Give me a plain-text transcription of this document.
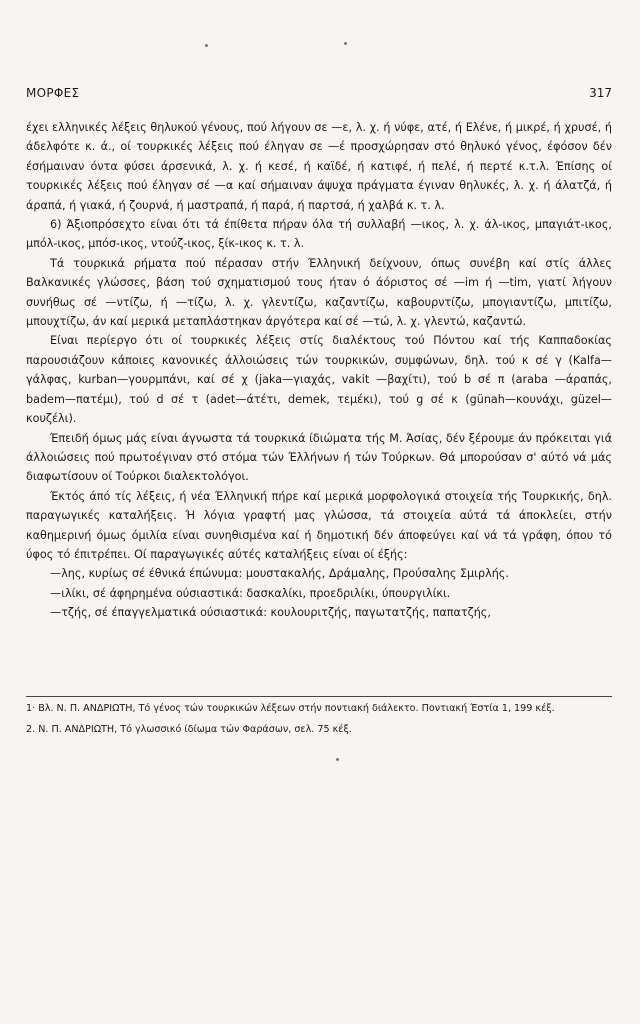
ΜΟΡΦΕΣ	317

έχει ελληνικές λέξεις θηλυκού γένους, πού λήγουν σε —ε, λ. χ. ή νύφε, ατέ, ή Ελένε, ή μικρέ, ή χρυσέ, ή άδελφότε κ. ά., οί τουρκικές λέξεις πού έληγαν σε —έ προσχώρησαν στό θηλυκό γένος, έφόσον δέν έσήμαιναν όντα φύσει άρσενικά, λ. χ. ή κεσέ, ή καϊδέ, ή κατιφέ, ή πελέ, ή περτέ κ.τ.λ. Έπίσης οί τουρκικές λέξεις πού έληγαν σέ —α καί σήμαιναν άψυχα πράγματα έγιναν θηλυκές, λ. χ. ή άλατζά, ή άραπά, ή γιακά, ή ζουρνά, ή μαστραπά, ή παρά, ή παρτσά, ή χαλβά κ. τ. λ.

6) Άξιοπρόσεχτο είναι ότι τά έπίθετα πήραν όλα τή συλλαβή —ικος, λ. χ. άλ-ικος, μπαγιάτ-ικος, μπόλ-ικος, μπόσ-ικος, ντούζ-ικος, ξίκ-ικος κ. τ. λ.

Τά τουρκικά ρήματα πού πέρασαν στήν Έλληνική δείχνουν, όπως συνέβη καί στίς άλλες Βαλκανικές γλώσσες, βάση τού σχηματισμού τους ήταν ό άόριστος σέ —im ή —tim, γιατί λήγουν συνήθως σέ —ντίζω, ή —τίζω, λ. χ. γλεντίζω, καζαντίζω, καβουρντίζω, μπογιαντίζω, μπιτίζω, μπουχτίζω, άν καί μερικά μεταπλάστηκαν άργότερα καί σέ —τώ, λ. χ. γλεντώ, καζαντώ.

Είναι περίεργο ότι οί τουρκικές λέξεις στίς διαλέκτους τού Πόντου καί τής Καππαδοκίας παρουσιάζουν κάποιες κανονικές άλλοιώσεις τών τουρκικών, συμφώνων, δηλ. τού κ σέ γ (Kalfa—γάλφας, kurban—γουρμπάνι, καί σέ χ (jaka—γιαχάς, vakit —βαχίτι), τού b σέ π (araba —άραπάς, badem—πατέμι), τού d σέ τ (adet—άτέτι, demek, τεμέκι), τού g σέ κ (günah—κουνάχι, güzel—κουζέλι).

Έπειδή όμως μάς είναι άγνωστα τά τουρκικά ίδιώματα τής Μ. Άσίας, δέν ξέρουμε άν πρόκειται γιά άλλοιώσεις πού πρωτοέγιναν στό στόμα τών Έλλήνων ή τών Τούρκων. Θά μπορούσαν σ' αύτό νά μάς διαφωτίσουν οί Τούρκοι διαλεκτολόγοι.

Έκτός άπό τίς λέξεις, ή νέα Έλληνική πήρε καί μερικά μορφολογικά στοιχεία τής Τουρκικής, δηλ. παραγωγικές καταλήξεις. Ή λόγια γραφτή μας γλώσσα, τά στοιχεία αύτά τά άποκλείει, στήν καθημερινή όμως όμιλία είναι συνηθισμένα καί ή δημοτική δέν άποφεύγει καί νά τά γράφη, όπου τό ύφος τό έπιτρέπει. Οί παραγωγικές αύτές καταλήξεις είναι οί έξής:

—λης, κυρίως σέ έθνικά έπώνυμα: μουστακαλής, Δράμαλης, Προύσαλης Σμιρλής.

—ιλίκι, σέ άφηρημένα ούσιαστικά: δασκαλίκι, προεδριλίκι, ύπουργιλίκι.

—τζής, σέ έπαγγελματικά ούσιαστικά: κουλουριτζής, παγωτατζής, παπατζής,

1· Βλ. Ν. Π. ΑΝΔΡΙΩΤΗ, Τό γένος τών τουρκικών λέξεων στήν ποντιακή διάλεκτο. Ποντιακή Έστία 1, 199 κέξ.

2. Ν. Π. ΑΝΔΡΙΩΤΗ, Τό γλωσσικό ίδίωμα τών Φαράσων, σελ. 75 κέξ.
